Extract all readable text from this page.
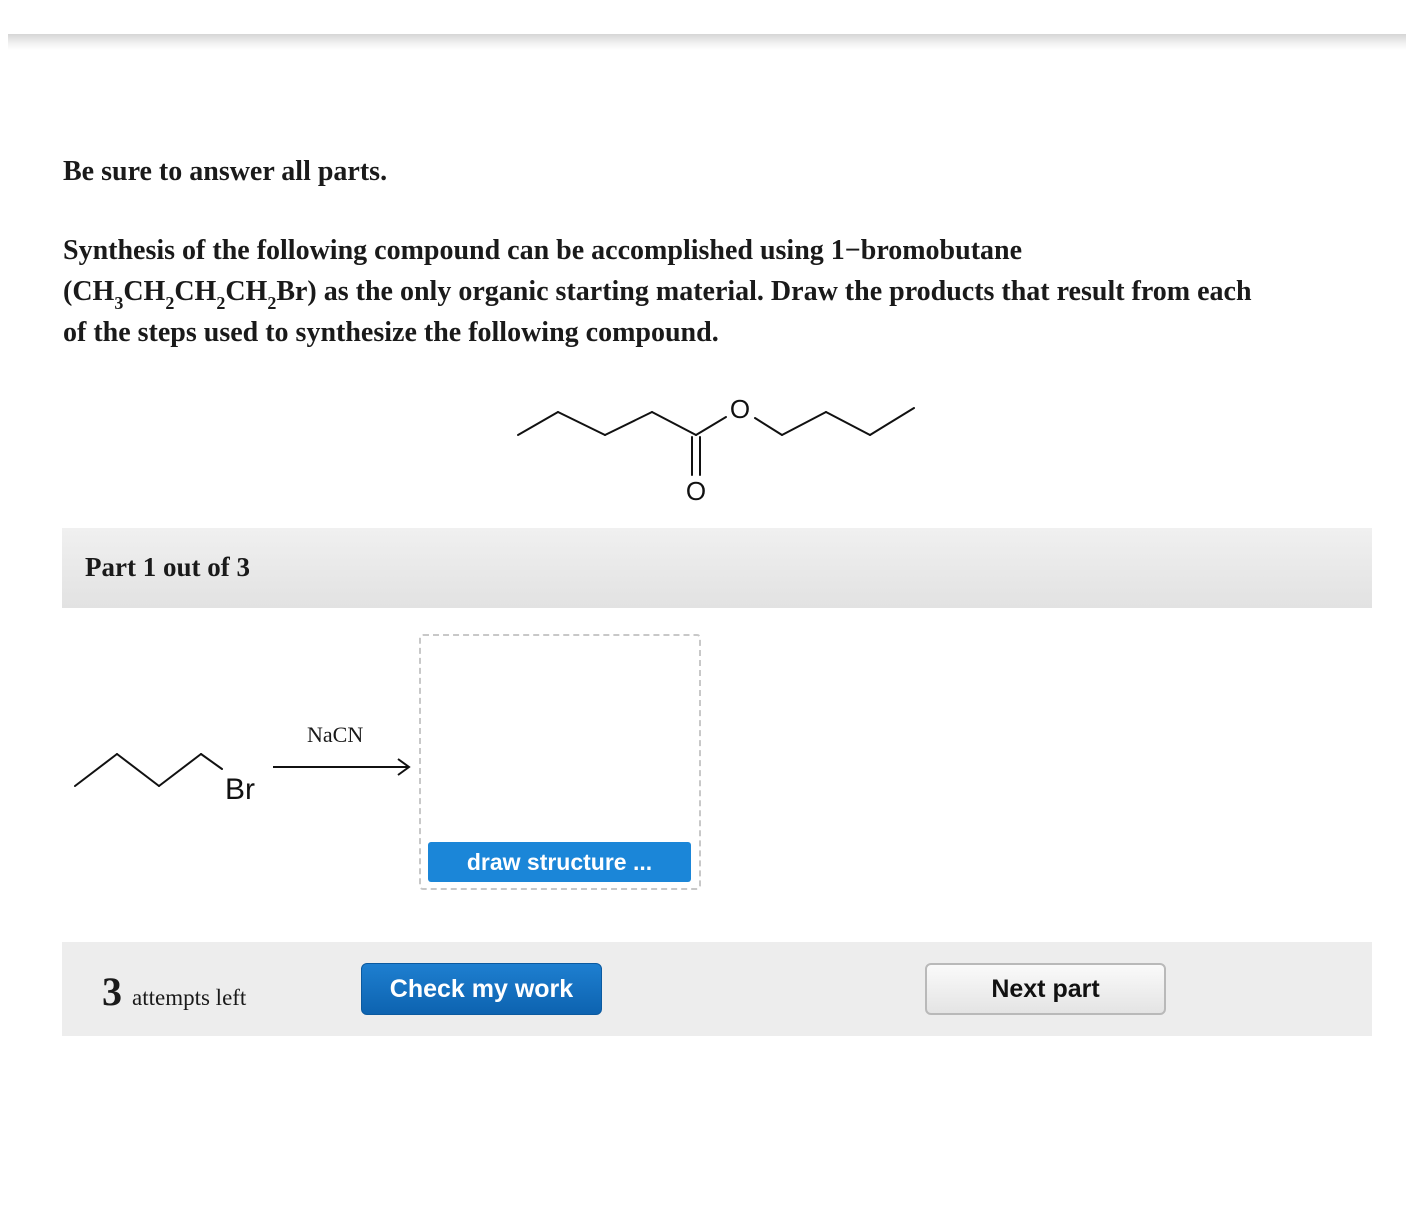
Be sure to answer all parts.

Synthesis of the following compound can be accomplished using 1−bromobutane
$(CH_3CH_2CH_2CH_2Br)$ as the only organic starting material. Draw the products that result from each
of the steps used to synthesize the following compound.

O
O
Part 1 out of 3
Br
NaCN
draw structure ...
3 attempts left	Check my work	Next part
